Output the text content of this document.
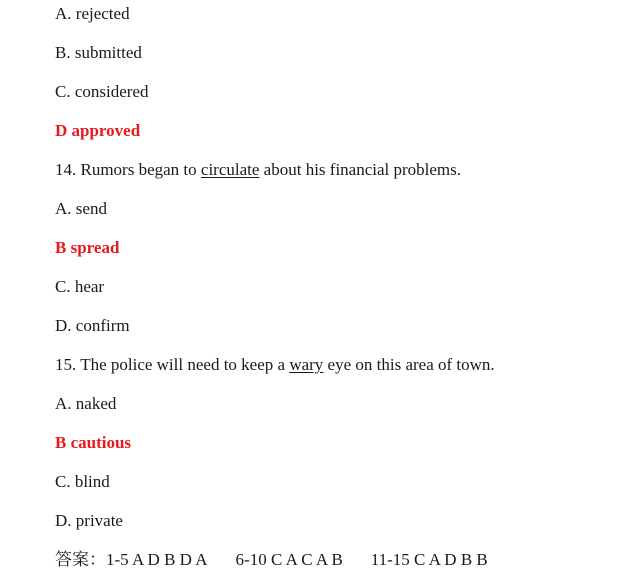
A. rejected
B. submitted
C. considered
D approved
14. Rumors began to circulate about his financial problems.
A. send
B spread
C. hear
D. confirm
15. The police will need to keep a wary eye on this area of town.
A. naked
B cautious
C. blind
D. private
答案：1-5 A D B D A 6-10 C A C A B 11-15 C A D B B
